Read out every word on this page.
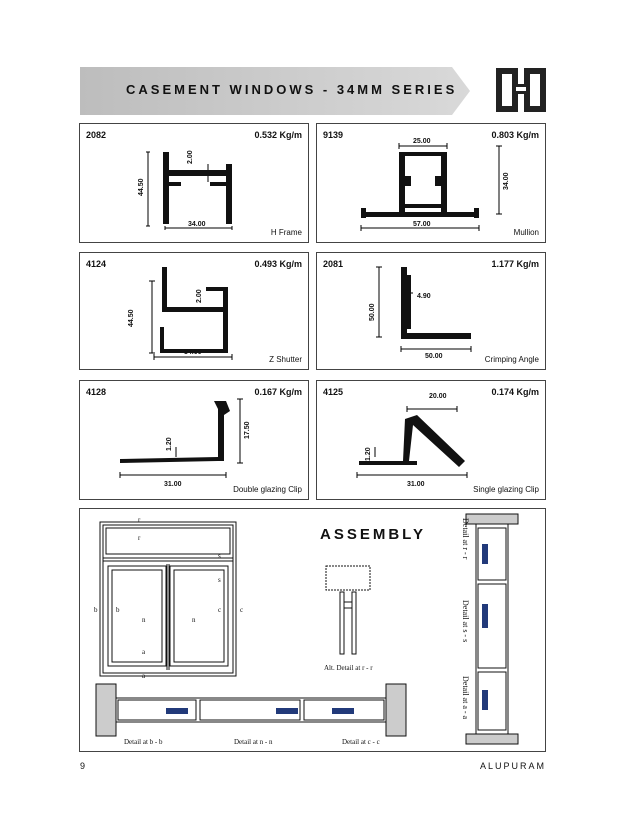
CASEMENT WINDOWS - 34MM SERIES
2082	0.532 Kg/m
H Frame
44.50
2.00
34.00
9139	0.803 Kg/m
Mullion
25.00
34.00
57.00
4124	0.493 Kg/m
Z Shutter
44.50
2.00
34.00
2081	1.177 Kg/m
Crimping Angle
50.00
4.90
50.00
4128	0.167 Kg/m
Double glazing Clip
1.20
17.50
31.00
4125	0.174 Kg/m
Single glazing Clip
20.00
1.20
31.00
ASSEMBLY
r
r
s
s
b	b
n	n
c	c
a
a
Alt. Detail at r - r
Detail at b - b	Detail at n - n	Detail at c - c
Detail at r - r
Detail at s - s
Detail at a - a
9	ALUPURAM
